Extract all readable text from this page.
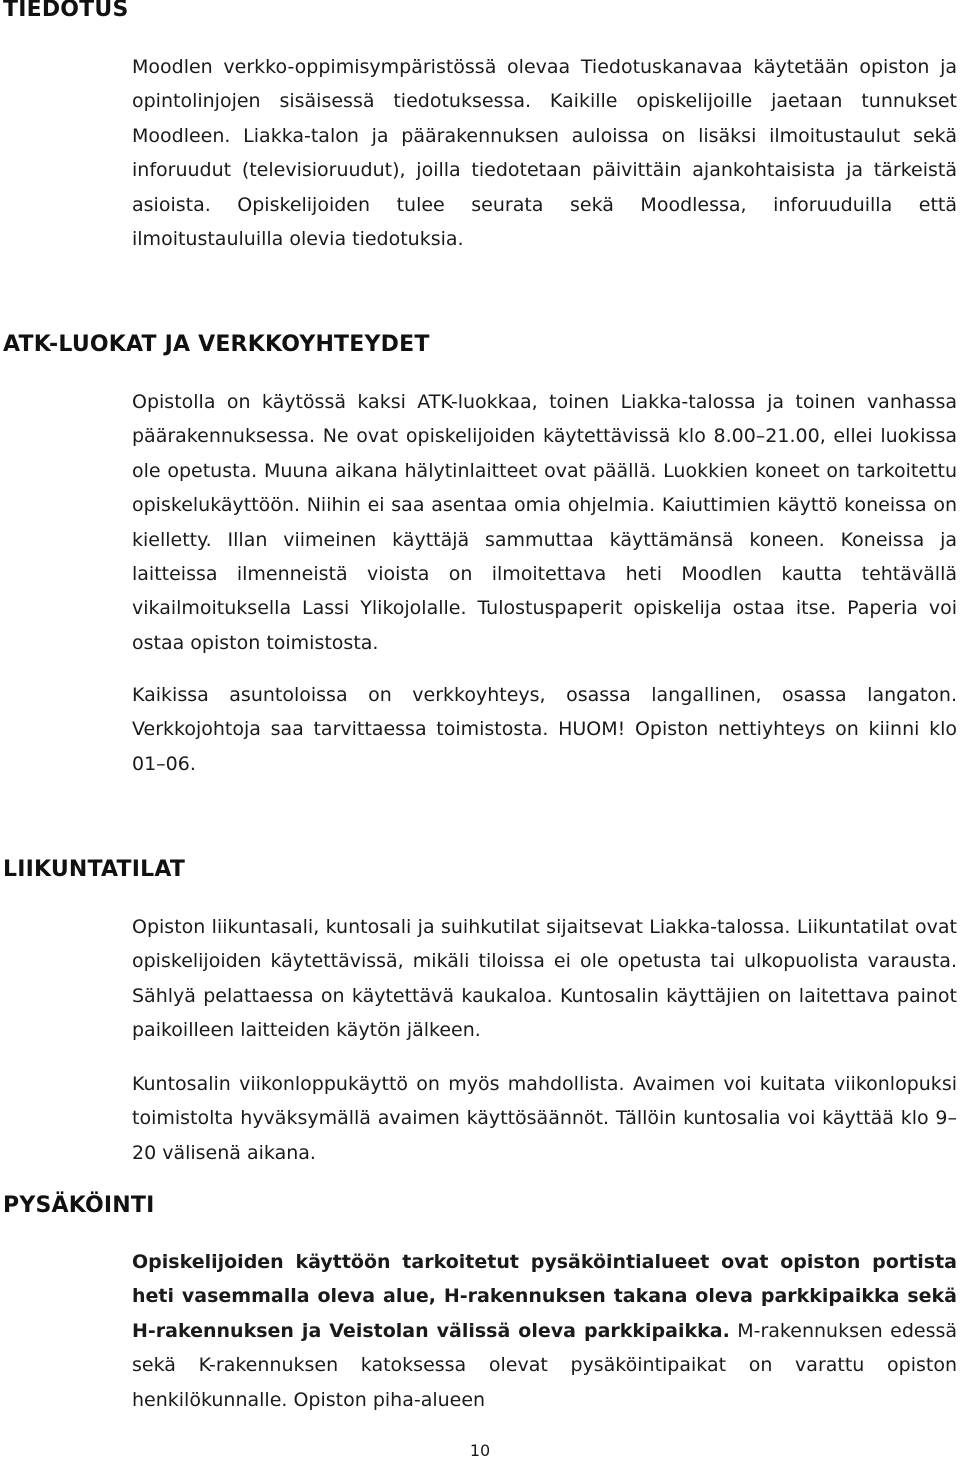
TIEDOTUS

Moodlen verkko-oppimisympäristössä olevaa Tiedotuskanavaa käytetään opiston ja opintolinjojen sisäisessä tiedotuksessa. Kaikille opiskelijoille jaetaan tunnukset Moodleen. Liakka-talon ja päärakennuksen auloissa on lisäksi ilmoitustaulut sekä inforuudut (televisioruudut), joilla tiedotetaan päivittäin ajankohtaisista ja tärkeistä asioista. Opiskelijoiden tulee seurata sekä Moodlessa, inforuuduilla että ilmoitustauluilla olevia tiedotuksia.

ATK-LUOKAT JA VERKKOYHTEYDET

Opistolla on käytössä kaksi ATK-luokkaa, toinen Liakka-talossa ja toinen vanhassa päärakennuksessa. Ne ovat opiskelijoiden käytettävissä klo 8.00–21.00, ellei luokissa ole opetusta. Muuna aikana hälytinlaitteet ovat päällä. Luokkien koneet on tarkoitettu opiskelukäyttöön. Niihin ei saa asentaa omia ohjelmia. Kaiuttimien käyttö koneissa on kielletty. Illan viimeinen käyttäjä sammuttaa käyttämänsä koneen. Koneissa ja laitteissa ilmenneistä vioista on ilmoitettava heti Moodlen kautta tehtävällä vikailmoituksella Lassi Ylikojolalle. Tulostuspaperit opiskelija ostaa itse. Paperia voi ostaa opiston toimistosta.

Kaikissa asuntoloissa on verkkoyhteys, osassa langallinen, osassa langaton. Verkkojohtoja saa tarvittaessa toimistosta. HUOM! Opiston nettiyhteys on kiinni klo 01–06.

LIIKUNTATILAT

Opiston liikuntasali, kuntosali ja suihkutilat sijaitsevat Liakka-talossa. Liikuntatilat ovat opiskelijoiden käytettävissä, mikäli tiloissa ei ole opetusta tai ulkopuolista varausta. Sählyä pelattaessa on käytettävä kaukaloa. Kuntosalin käyttäjien on laitettava painot paikoilleen laitteiden käytön jälkeen.

Kuntosalin viikonloppukäyttö on myös mahdollista. Avaimen voi kuitata viikonlopuksi toimistolta hyväksymällä avaimen käyttösäännöt. Tällöin kuntosalia voi käyttää klo 9–20 välisenä aikana.

PYSÄKÖINTI

Opiskelijoiden käyttöön tarkoitetut pysäköintialueet ovat opiston portista heti vasemmalla oleva alue, H-rakennuksen takana oleva parkkipaikka sekä H-rakennuksen ja Veistolan välissä oleva parkkipaikka. M-rakennuksen edessä sekä K-rakennuksen katoksessa olevat pysäköintipaikat on varattu opiston henkilökunnalle. Opiston piha-alueen

10
